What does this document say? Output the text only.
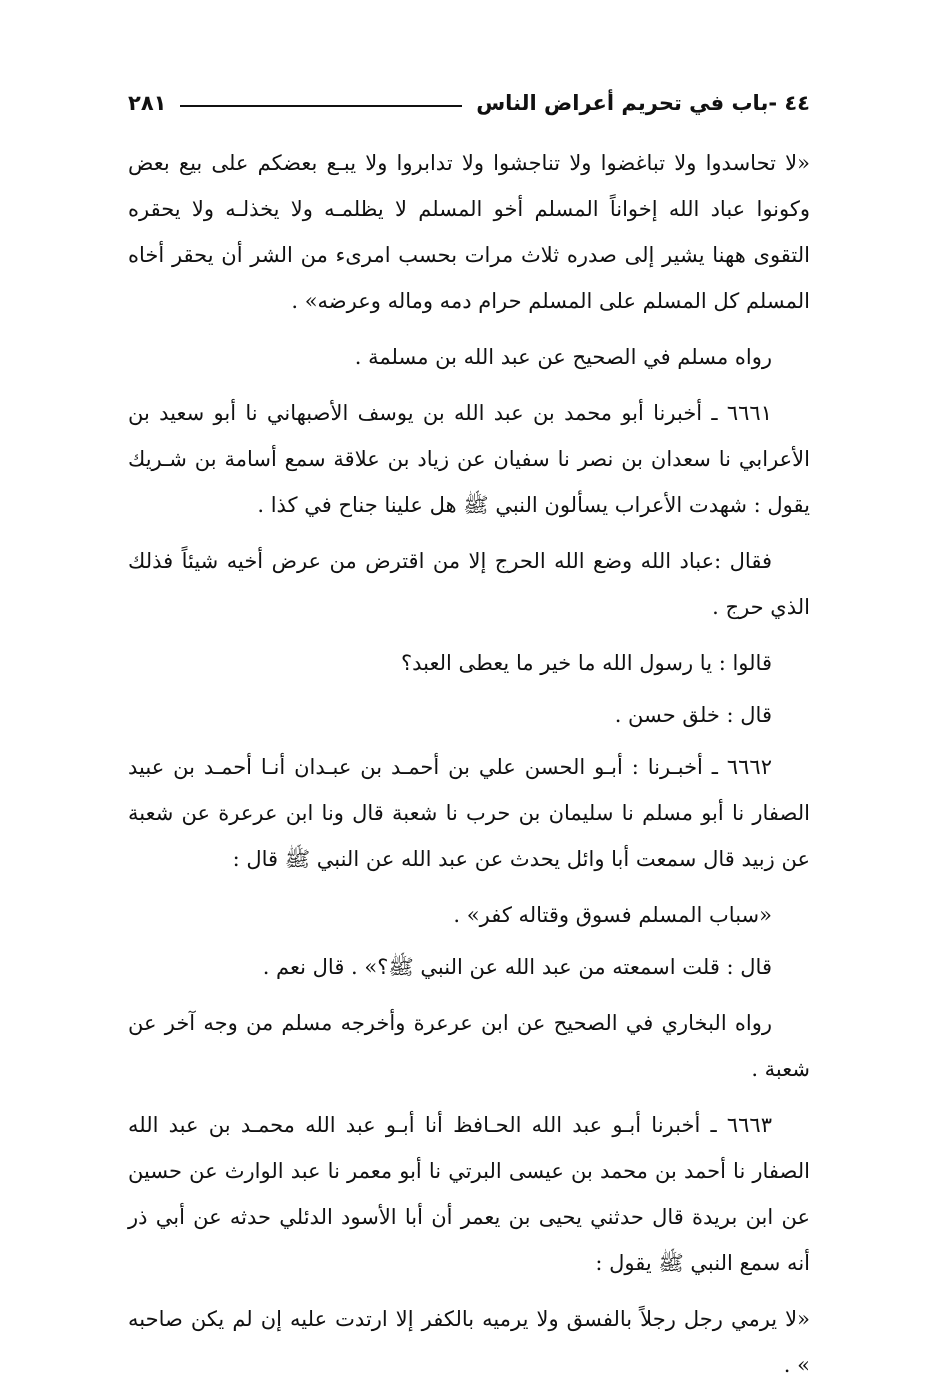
٤٤ -باب في تحريم أعراض الناس
٢٨١

«لا تحاسدوا ولا تباغضوا ولا تناجشوا ولا تدابروا ولا يبـع بعضكم على بيع بعض وكونوا عباد الله إخواناً المسلم أخو المسلم لا يظلمـه ولا يخذلـه ولا يحقره التقوى ههنا يشير إلى صدره ثلاث مرات بحسب امرىء من الشر أن يحقر أخاه المسلم كل المسلم على المسلم حرام دمه وماله وعرضه» .

رواه مسلم في الصحيح عن عبد الله بن مسلمة .

٦٦٦١ ـ أخبرنا أبو محمد بن عبد الله بن يوسف الأصبهاني نا أبو سعيد بن الأعرابي نا سعدان بن نصر نا سفيان عن زياد بن علاقة سمع أسامة بن شـريك يقول : شهدت الأعراب يسألون النبي ﷺ هل علينا جناح في كذا .

فقال :عباد الله وضع الله الحرج إلا من اقترض من عرض أخيه شيئاً فذلك الذي حرج .

قالوا : يا رسول الله ما خير ما يعطى العبد؟

قال : خلق حسن .

٦٦٦٢ ـ أخبـرنا : أبـو الحسن علي بن أحمـد بن عبـدان أنـا أحمـد بن عبيد الصفار نا أبو مسلم نا سليمان بن حرب نا شعبة قال ونا ابن عرعرة عن شعبة عن زبيد قال سمعت أبا وائل يحدث عن عبد الله عن النبي ﷺ قال :

«سباب المسلم فسوق وقتاله كفر» .

قال : قلت اسمعته من عبد الله عن النبي ﷺ؟» . قال نعم .

رواه البخاري في الصحيح عن ابن عرعرة وأخرجه مسلم من وجه آخر عن شعبة .

٦٦٦٣ ـ أخبرنا أبـو عبد الله الحـافظ أنا أبـو عبد الله محمـد بن عبد الله الصفار نا أحمد بن محمد بن عيسى البرتي نا أبو معمر نا عبد الوارث عن حسين عن ابن بريدة قال حدثني يحيى بن يعمر أن أبا الأسود الدئلي حدثه عن أبي ذر أنه سمع النبي ﷺ يقول :

«لا يرمي رجل رجلاً بالفسق ولا يرميه بالكفر إلا ارتدت عليه إن لم يكن صاحبه » .
